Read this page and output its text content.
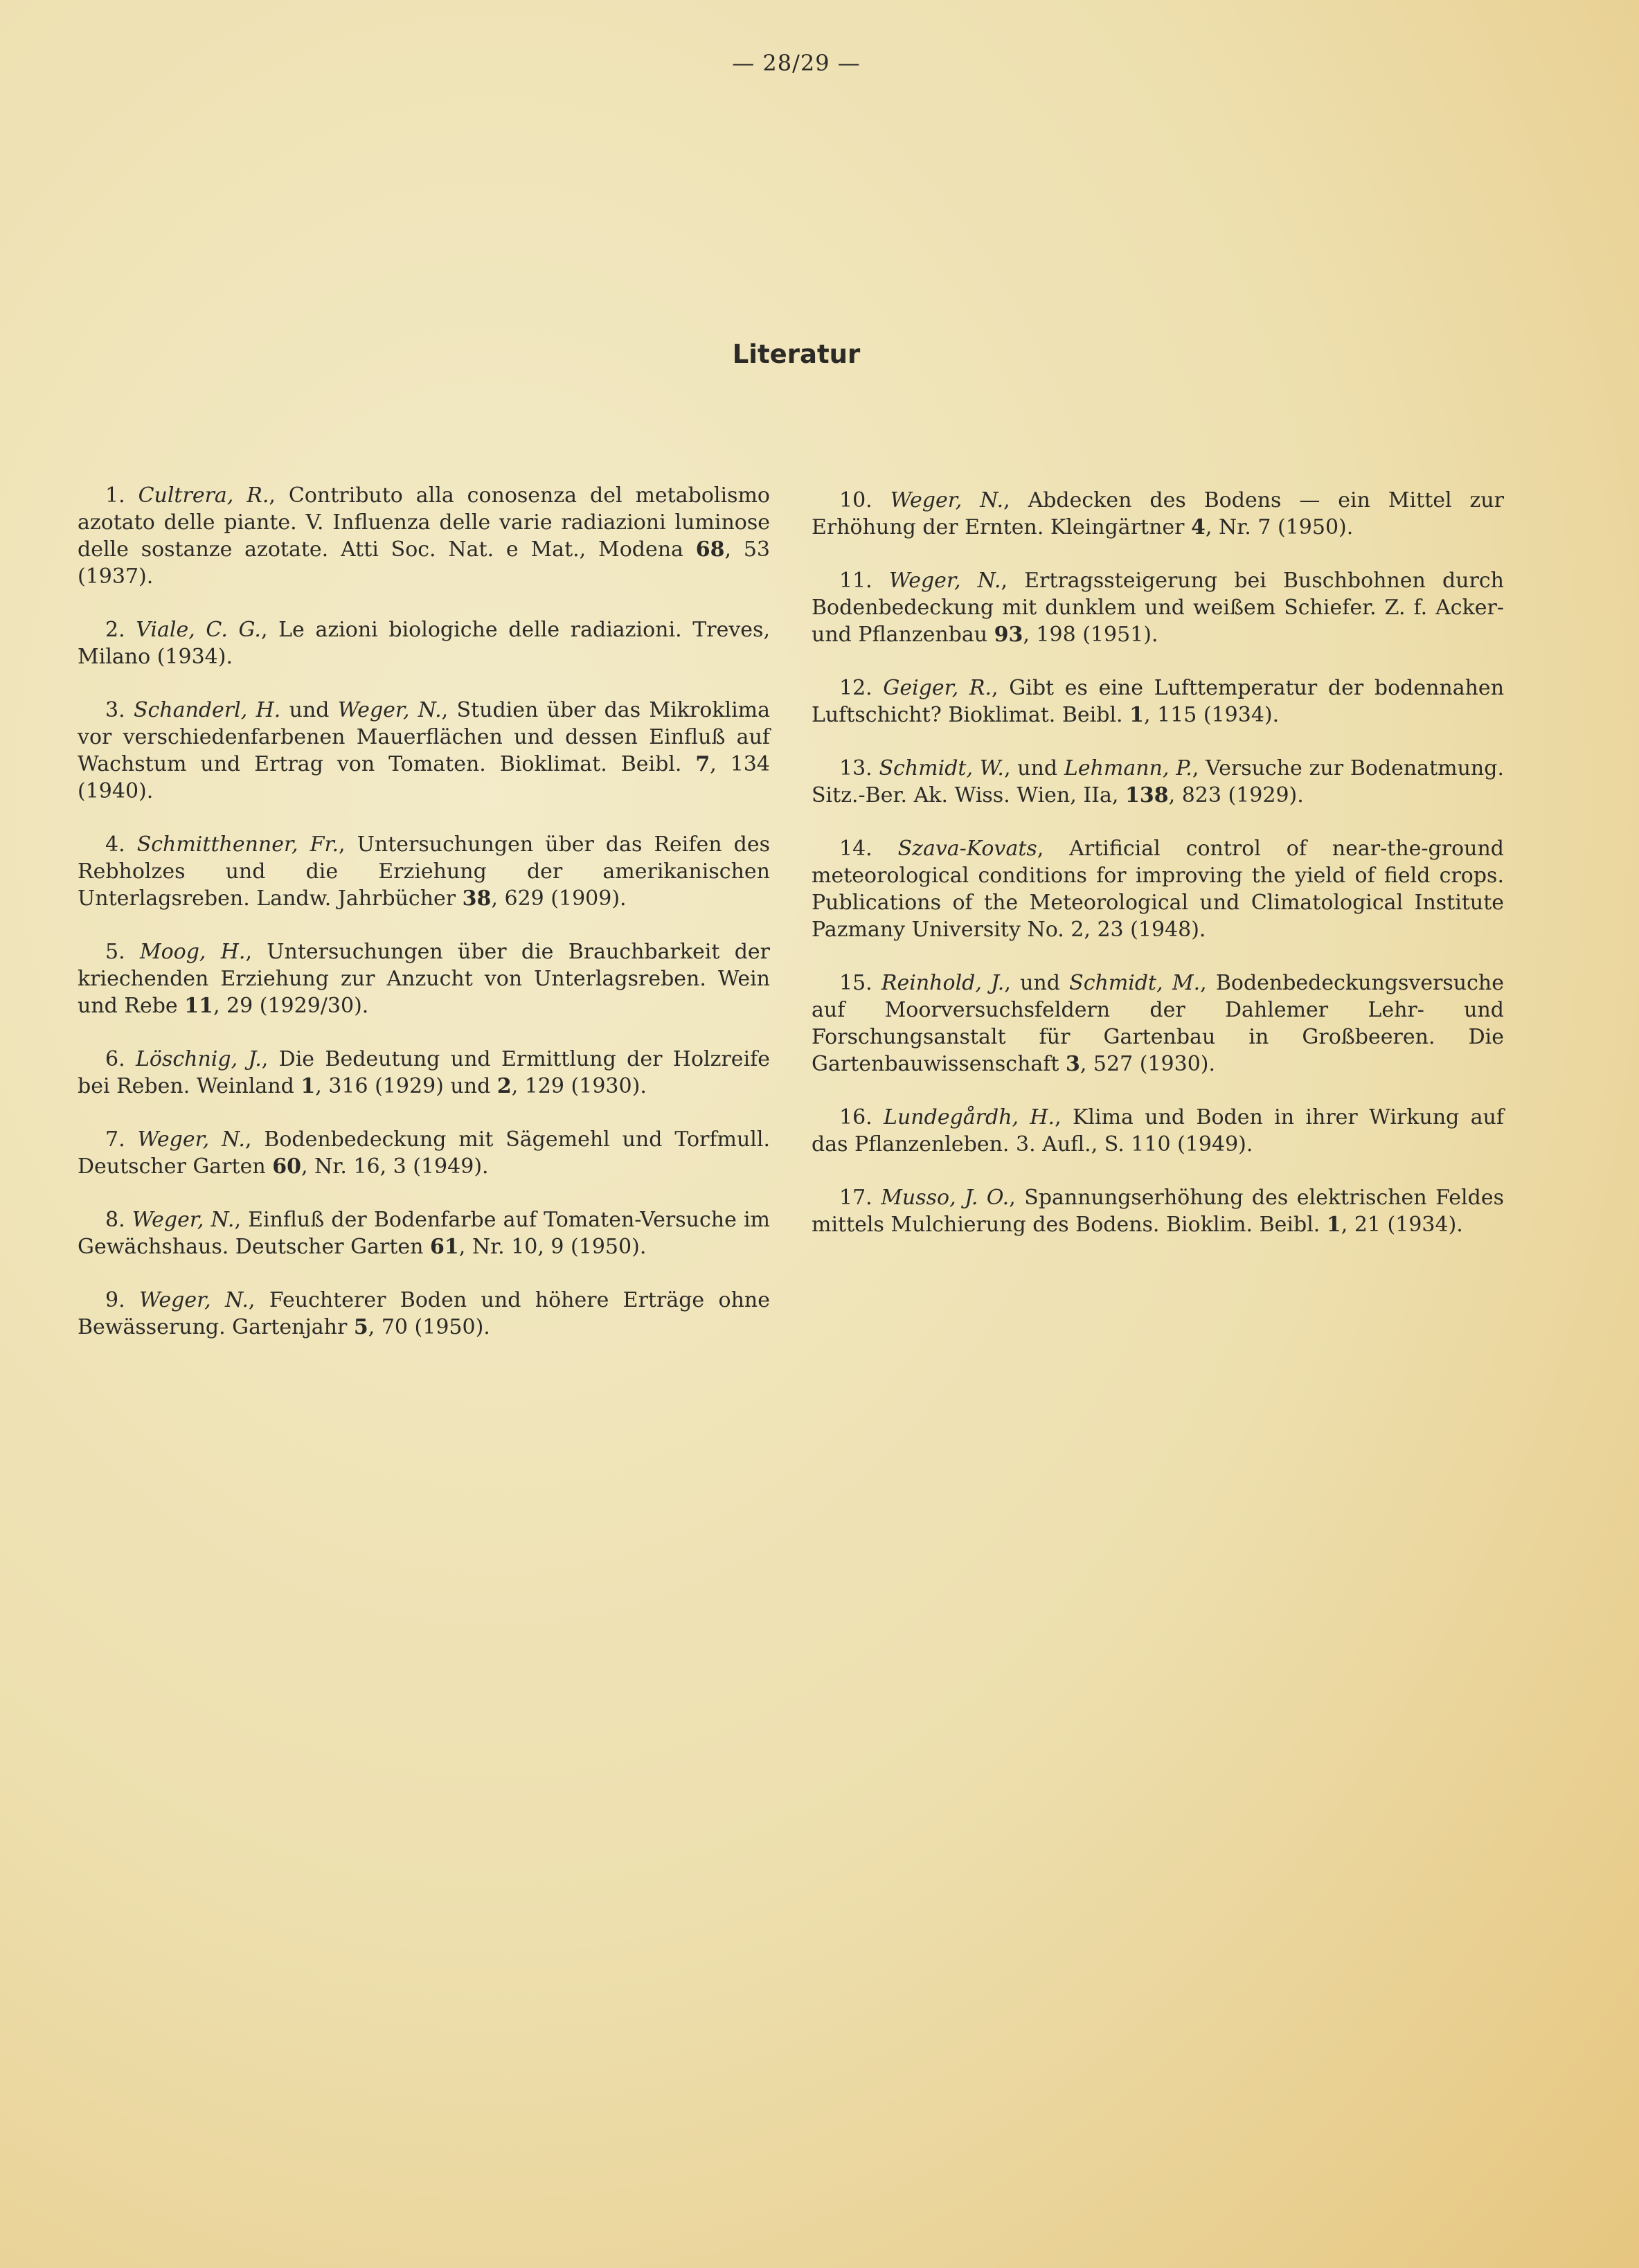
— 28/29 —
Literatur

1. Cultrera, R., Contributo alla conosenza del metabolismo azotato delle piante. V. Influenza delle varie radiazioni luminose delle sostanze azotate. Atti Soc. Nat. e Mat., Modena 68, 53 (1937).

2. Viale, C. G., Le azioni biologiche delle radiazioni. Treves, Milano (1934).

3. Schanderl, H. und Weger, N., Studien über das Mikroklima vor verschiedenfarbenen Mauerflächen und dessen Einfluß auf Wachstum und Ertrag von Tomaten. Bioklimat. Beibl. 7, 134 (1940).

4. Schmitthenner, Fr., Untersuchungen über das Reifen des Rebholzes und die Erziehung der amerikanischen Unterlagsreben. Landw. Jahrbücher 38, 629 (1909).

5. Moog, H., Untersuchungen über die Brauchbarkeit der kriechenden Erziehung zur Anzucht von Unterlagsreben. Wein und Rebe 11, 29 (1929/30).

6. Löschnig, J., Die Bedeutung und Ermittlung der Holzreife bei Reben. Weinland 1, 316 (1929) und 2, 129 (1930).

7. Weger, N., Bodenbedeckung mit Sägemehl und Torfmull. Deutscher Garten 60, Nr. 16, 3 (1949).

8. Weger, N., Einfluß der Bodenfarbe auf Tomaten-Versuche im Gewächshaus. Deutscher Garten 61, Nr. 10, 9 (1950).

9. Weger, N., Feuchterer Boden und höhere Erträge ohne Bewässerung. Gartenjahr 5, 70 (1950).

10. Weger, N., Abdecken des Bodens — ein Mittel zur Erhöhung der Ernten. Kleingärtner 4, Nr. 7 (1950).

11. Weger, N., Ertragssteigerung bei Buschbohnen durch Bodenbedeckung mit dunklem und weißem Schiefer. Z. f. Acker- und Pflanzenbau 93, 198 (1951).

12. Geiger, R., Gibt es eine Lufttemperatur der bodennahen Luftschicht? Bioklimat. Beibl. 1, 115 (1934).

13. Schmidt, W., und Lehmann, P., Versuche zur Bodenatmung. Sitz.-Ber. Ak. Wiss. Wien, IIa, 138, 823 (1929).

14. Szava-Kovats, Artificial control of near-the-ground meteorological conditions for improving the yield of field crops. Publications of the Meteorological und Climatological Institute Pazmany University No. 2, 23 (1948).

15. Reinhold, J., und Schmidt, M., Bodenbedeckungsversuche auf Moorversuchsfeldern der Dahlemer Lehr- und Forschungsanstalt für Gartenbau in Großbeeren. Die Gartenbauwissenschaft 3, 527 (1930).

16. Lundegårdh, H., Klima und Boden in ihrer Wirkung auf das Pflanzenleben. 3. Aufl., S. 110 (1949).

17. Musso, J. O., Spannungserhöhung des elektrischen Feldes mittels Mulchierung des Bodens. Bioklim. Beibl. 1, 21 (1934).
